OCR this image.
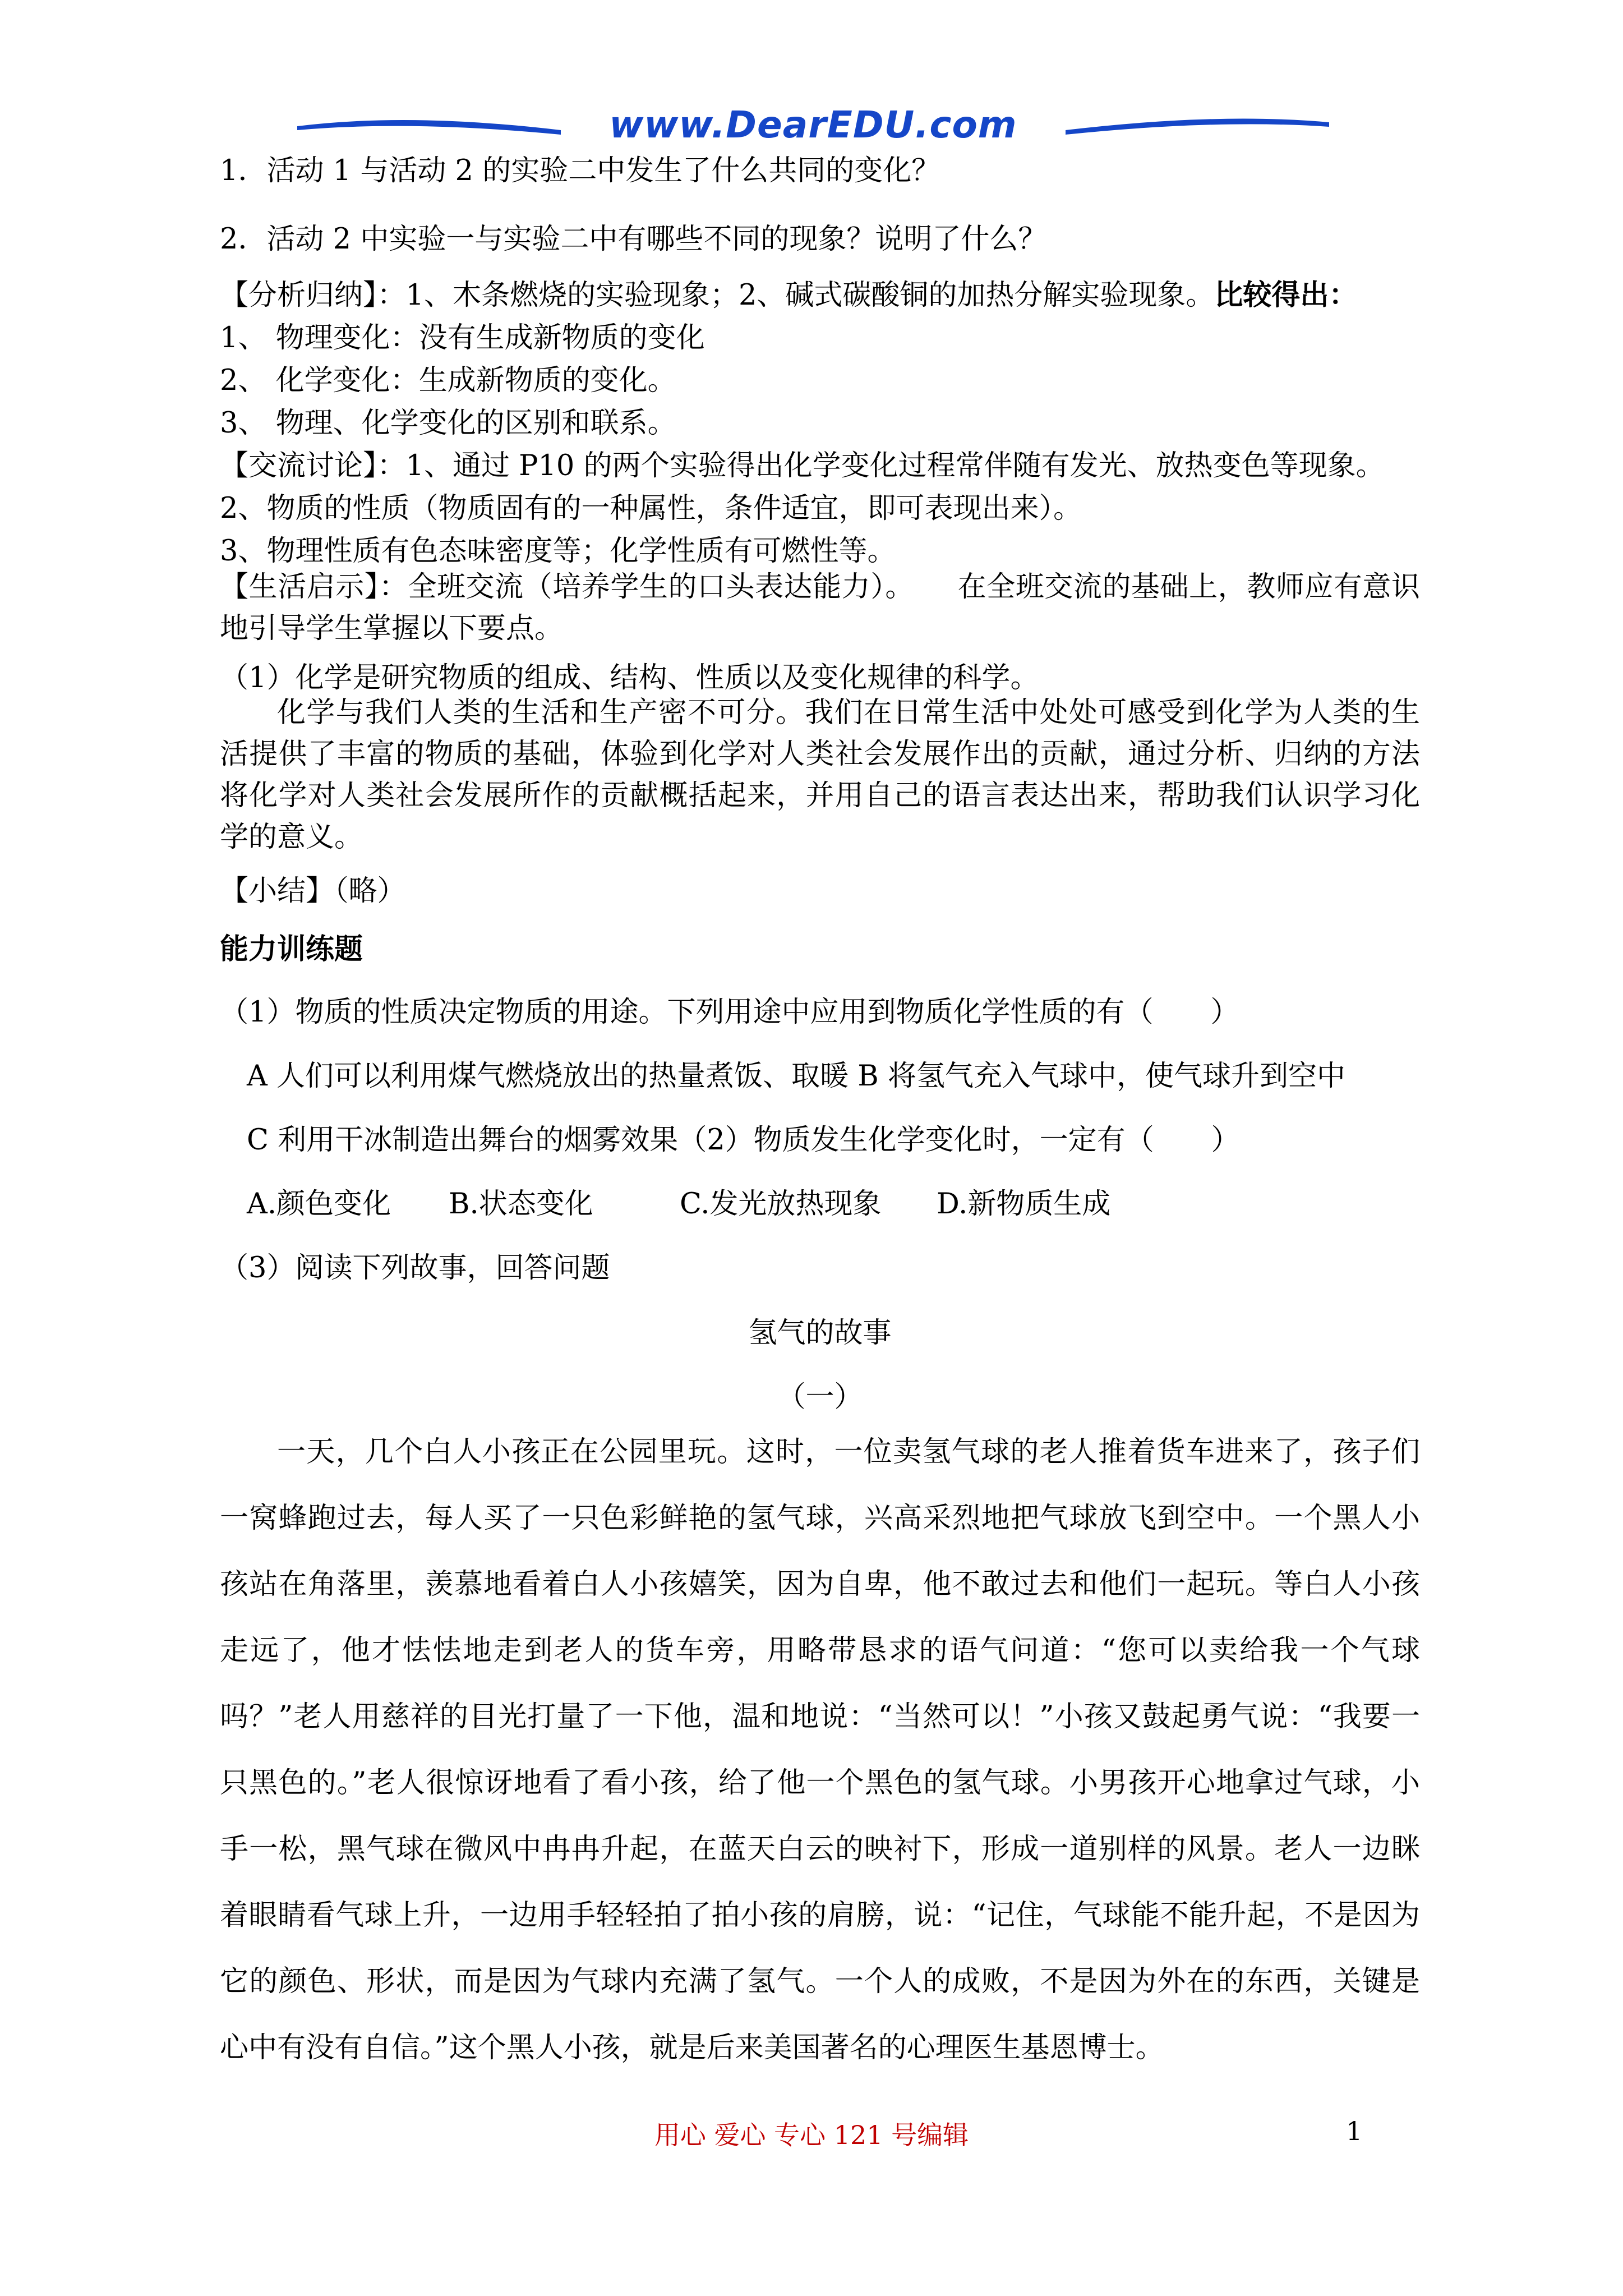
www.DearEDU.com
1．活动 1 与活动 2 的实验二中发生了什么共同的变化？
2．活动 2 中实验一与实验二中有哪些不同的现象？说明了什么？
【分析归纳】：1、木条燃烧的实验现象；2、碱式碳酸铜的加热分解实验现象。比较得出：
1、 物理变化：没有生成新物质的变化
2、 化学变化：生成新物质的变化。
3、 物理、化学变化的区别和联系。
【交流讨论】：1、通过 P10 的两个实验得出化学变化过程常伴随有发光、放热变色等现象。
2、物质的性质（物质固有的一种属性，条件适宜，即可表现出来）。
3、物理性质有色态味密度等；化学性质有可燃性等。
【生活启示】：全班交流（培养学生的口头表达能力）。　　在全班交流的基础上，教师应有意识地引导学生掌握以下要点。
（1）化学是研究物质的组成、结构、性质以及变化规律的科学。
化学与我们人类的生活和生产密不可分。我们在日常生活中处处可感受到化学为人类的生活提供了丰富的物质的基础，体验到化学对人类社会发展作出的贡献，通过分析、归纳的方法将化学对人类社会发展所作的贡献概括起来，并用自己的语言表达出来，帮助我们认识学习化学的意义。
【小结】（略）
能力训练题
（1）物质的性质决定物质的用途。下列用途中应用到物质化学性质的有（　　）
A 人们可以利用煤气燃烧放出的热量煮饭、取暖 B 将氢气充入气球中，使气球升到空中
C 利用干冰制造出舞台的烟雾效果（2）物质发生化学变化时，一定有（　　）
A.颜色变化 B.状态变化	C.发光放热现象 D.新物质生成
（3）阅读下列故事，回答问题
氢气的故事
（一）
一天，几个白人小孩正在公园里玩。这时，一位卖氢气球的老人推着货车进来了，孩子们一窝蜂跑过去，每人买了一只色彩鲜艳的氢气球，兴高采烈地把气球放飞到空中。一个黑人小孩站在角落里，羡慕地看着白人小孩嬉笑，因为自卑，他不敢过去和他们一起玩。等白人小孩走远了，他才怯怯地走到老人的货车旁，用略带恳求的语气问道：“您可以卖给我一个气球吗？”老人用慈祥的目光打量了一下他，温和地说：“当然可以！”小孩又鼓起勇气说：“我要一只黑色的。”老人很惊讶地看了看小孩，给了他一个黑色的氢气球。小男孩开心地拿过气球，小手一松，黑气球在微风中冉冉升起，在蓝天白云的映衬下，形成一道别样的风景。老人一边眯着眼睛看气球上升，一边用手轻轻拍了拍小孩的肩膀，说：“记住，气球能不能升起，不是因为它的颜色、形状，而是因为气球内充满了氢气。一个人的成败，不是因为外在的东西，关键是心中有没有自信。”这个黑人小孩，就是后来美国著名的心理医生基恩博士。
用心 爱心 专心 121 号编辑	1
